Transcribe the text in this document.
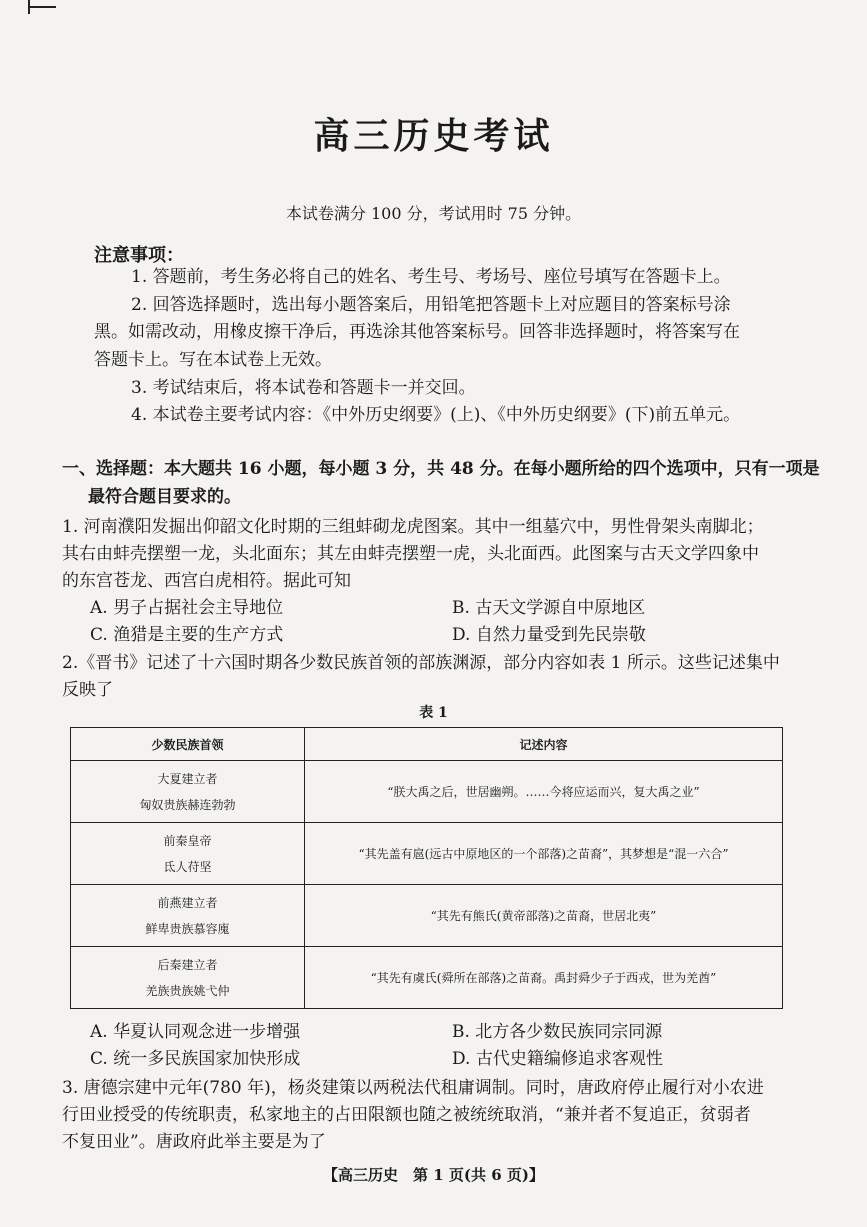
高三历史考试
本试卷满分 100 分，考试用时 75 分钟。
注意事项：
1. 答题前，考生务必将自己的姓名、考生号、考场号、座位号填写在答题卡上。
2. 回答选择题时，选出每小题答案后，用铅笔把答题卡上对应题目的答案标号涂
黑。如需改动，用橡皮擦干净后，再选涂其他答案标号。回答非选择题时，将答案写在
答题卡上。写在本试卷上无效。
3. 考试结束后，将本试卷和答题卡一并交回。
4. 本试卷主要考试内容：《中外历史纲要》(上)、《中外历史纲要》(下)前五单元。
一、选择题：本大题共 16 小题，每小题 3 分，共 48 分。在每小题所给的四个选项中，只有一项是
最符合题目要求的。
1. 河南濮阳发掘出仰韶文化时期的三组蚌砌龙虎图案。其中一组墓穴中，男性骨架头南脚北；
其右由蚌壳摆塑一龙，头北面东；其左由蚌壳摆塑一虎，头北面西。此图案与古天文学四象中
的东宫苍龙、西宫白虎相符。据此可知
A. 男子占据社会主导地位	B. 古天文学源自中原地区
C. 渔猎是主要的生产方式	D. 自然力量受到先民崇敬
2.《晋书》记述了十六国时期各少数民族首领的部族渊源，部分内容如表 1 所示。这些记述集中
反映了
表 1
少数民族首领	记述内容

大夏建立者
匈奴贵族赫连勃勃	“朕大禹之后，世居幽朔。……今将应运而兴，复大禹之业”

前秦皇帝
氐人苻坚	“其先盖有扈(远古中原地区的一个部落)之苗裔”，其梦想是“混一六合”

前燕建立者
鲜卑贵族慕容廆	“其先有熊氏(黄帝部落)之苗裔，世居北夷”

后秦建立者
羌族贵族姚弋仲	“其先有虞氏(舜所在部落)之苗裔。禹封舜少子于西戎，世为羌酋”
A. 华夏认同观念进一步增强	B. 北方各少数民族同宗同源
C. 统一多民族国家加快形成	D. 古代史籍编修追求客观性
3. 唐德宗建中元年(780 年)，杨炎建策以两税法代租庸调制。同时，唐政府停止履行对小农进
行田业授受的传统职责，私家地主的占田限额也随之被统统取消，“兼并者不复追正，贫弱者
不复田业”。唐政府此举主要是为了
【高三历史　第 1 页(共 6 页)】
